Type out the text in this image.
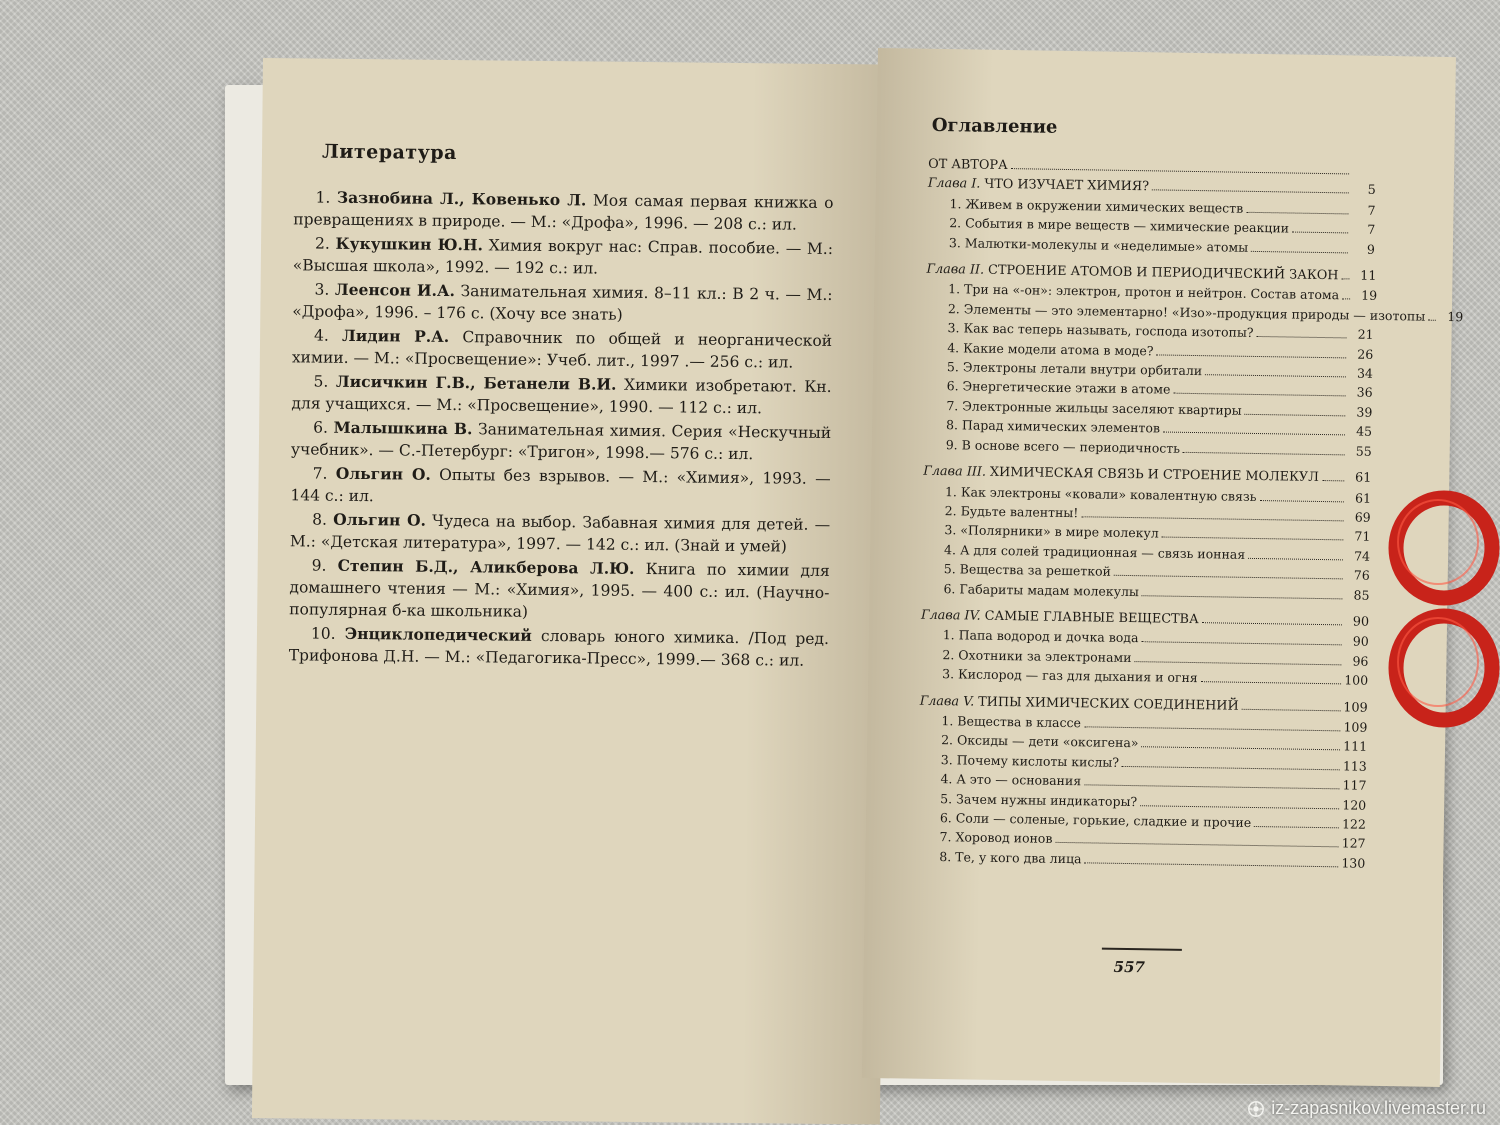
Литература

1. Зазнобина Л., Ковенько Л. Моя самая первая книжка о превращениях в природе. — М.: «Дрофа», 1996. — 208 с.: ил.

2. Кукушкин Ю.Н. Химия вокруг нас: Справ. пособие. — М.: «Высшая школа», 1992. — 192 с.: ил.

3. Леенсон И.А. Занимательная химия. 8–11 кл.: В 2 ч. — М.: «Дрофа», 1996. – 176 с. (Хочу все знать)

4. Лидин Р.А. Справочник по общей и неорганической химии. — М.: «Просвещение»: Учеб. лит., 1997 .— 256 с.: ил.

5. Лисичкин Г.В., Бетанели В.И. Химики изобретают. Кн. для учащихся. — М.: «Просвещение», 1990. — 112 с.: ил.

6. Малышкина В. Занимательная химия. Серия «Нескучный учебник». — С.-Петербург: «Тригон», 1998.— 576 с.: ил.

7. Ольгин О. Опыты без взрывов. — М.: «Химия», 1993. — 144 с.: ил.

8. Ольгин О. Чудеса на выбор. Забавная химия для детей. — М.: «Детская литература», 1997. — 142 с.: ил. (Знай и умей)

9. Степин Б.Д., Аликберова Л.Ю. Книга по химии для домашнего чтения — М.: «Химия», 1995. — 400 с.: ил. (Научно-популярная б-ка школьника)

10. Энциклопедический словарь юного химика. /Под ред. Трифонова Д.Н. — М.: «Педагогика-Пресс», 1999.— 368 с.: ил.

Оглавление
ОТ АВТОРА
Глава I. ЧТО ИЗУЧАЕТ ХИМИЯ?	5
1. Живем в окружении химических веществ	7
2. События в мире веществ — химические реакции	7
3. Малютки-молекулы и «неделимые» атомы	9
Глава II. СТРОЕНИЕ АТОМОВ И ПЕРИОДИЧЕСКИЙ ЗАКОН	11
1. Три на «-он»: электрон, протон и нейтрон. Состав атома	19
2. Элементы — это элементарно! «Изо»-продукция природы — изотопы	19
3. Как вас теперь называть, господа изотопы?	21
4. Какие модели атома в моде?	26
5. Электроны летали внутри орбитали	34
6. Энергетические этажи в атоме	36
7. Электронные жильцы заселяют квартиры	39
8. Парад химических элементов	45
9. В основе всего — периодичность	55
Глава III. ХИМИЧЕСКАЯ СВЯЗЬ И СТРОЕНИЕ МОЛЕКУЛ	61
1. Как электроны «ковали» ковалентную связь	61
2. Будьте валентны!	69
3. «Полярники» в мире молекул	71
4. А для солей традиционная — связь ионная	74
5. Вещества за решеткой	76
6. Габариты мадам молекулы	85
Глава IV. САМЫЕ ГЛАВНЫЕ ВЕЩЕСТВА	90
1. Папа водород и дочка вода	90
2. Охотники за электронами	96
3. Кислород — газ для дыхания и огня	100
Глава V. ТИПЫ ХИМИЧЕСКИХ СОЕДИНЕНИЙ	109
1. Вещества в классе	109
2. Оксиды — дети «оксигена»	111
3. Почему кислоты кислы?	113
4. А это — основания	117
5. Зачем нужны индикаторы?	120
6. Соли — соленые, горькие, сладкие и прочие	122
7. Хоровод ионов	127
8. Те, у кого два лица	130
557
iz-zapasnikov.livemaster.ru
